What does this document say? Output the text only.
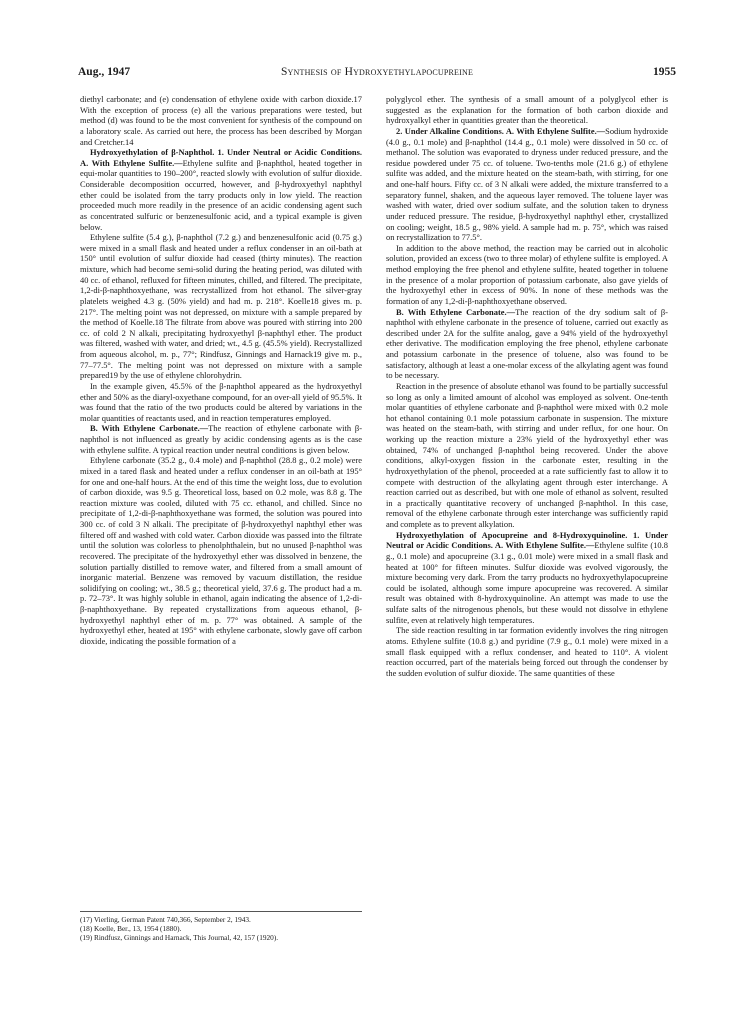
Aug., 1947	Synthesis of Hydroxyethylapocupreine	1955

diethyl carbonate; and (e) condensation of ethylene oxide with carbon dioxide.17 With the exception of process (e) all the various preparations were tested, but method (d) was found to be the most convenient for synthesis of the compound on a laboratory scale. As carried out here, the process has been described by Morgan and Cretcher.14

Hydroxyethylation of β-Naphthol. 1. Under Neutral or Acidic Conditions. A. With Ethylene Sulfite.—Ethylene sulfite and β-naphthol, heated together in equi-molar quantities to 190–200°, reacted slowly with evolution of sulfur dioxide. Considerable decomposition occurred, however, and β-hydroxyethyl naphthyl ether could be isolated from the tarry products only in low yield. The reaction proceeded much more readily in the presence of an acidic condensing agent such as concentrated sulfuric or benzenesulfonic acid, and a typical example is given below.

Ethylene sulfite (5.4 g.), β-naphthol (7.2 g.) and benzenesulfonic acid (0.75 g.) were mixed in a small flask and heated under a reflux condenser in an oil-bath at 150° until evolution of sulfur dioxide had ceased (thirty minutes). The reaction mixture, which had become semi-solid during the heating period, was diluted with 40 cc. of ethanol, refluxed for fifteen minutes, chilled, and filtered. The precipitate, 1,2-di-β-naphthoxyethane, was recrystallized from hot ethanol. The silver-gray platelets weighed 4.3 g. (50% yield) and had m. p. 218°. Koelle18 gives m. p. 217°. The melting point was not depressed, on mixture with a sample prepared by the method of Koelle.18 The filtrate from above was poured with stirring into 200 cc. of cold 2 N alkali, precipitating hydroxyethyl β-naphthyl ether. The product was filtered, washed with water, and dried; wt., 4.5 g. (45.5% yield). Recrystallized from aqueous alcohol, m. p., 77°; Rindfusz, Ginnings and Harnack19 give m. p., 77–77.5°. The melting point was not depressed on mixture with a sample prepared19 by the use of ethylene chlorohydrin.

In the example given, 45.5% of the β-naphthol appeared as the hydroxyethyl ether and 50% as the diaryl-oxyethane compound, for an over-all yield of 95.5%. It was found that the ratio of the two products could be altered by variations in the molar quantities of reactants used, and in reaction temperatures employed.

B. With Ethylene Carbonate.—The reaction of ethylene carbonate with β-naphthol is not influenced as greatly by acidic condensing agents as is the case with ethylene sulfite. A typical reaction under neutral conditions is given below.

Ethylene carbonate (35.2 g., 0.4 mole) and β-naphthol (28.8 g., 0.2 mole) were mixed in a tared flask and heated under a reflux condenser in an oil-bath at 195° for one and one-half hours. At the end of this time the weight loss, due to evolution of carbon dioxide, was 9.5 g. Theoretical loss, based on 0.2 mole, was 8.8 g. The reaction mixture was cooled, diluted with 75 cc. ethanol, and chilled. Since no precipitate of 1,2-di-β-naphthoxyethane was formed, the solution was poured into 300 cc. of cold 3 N alkali. The precipitate of β-hydroxyethyl naphthyl ether was filtered off and washed with cold water. Carbon dioxide was passed into the filtrate until the solution was colorless to phenolphthalein, but no unused β-naphthol was recovered. The precipitate of the hydroxyethyl ether was dissolved in benzene, the solution partially distilled to remove water, and filtered from a small amount of inorganic material. Benzene was removed by vacuum distillation, the residue solidifying on cooling; wt., 38.5 g.; theoretical yield, 37.6 g. The product had a m. p. 72–73°. It was highly soluble in ethanol, again indicating the absence of 1,2-di-β-naphthoxyethane. By repeated crystallizations from aqueous ethanol, β-hydroxyethyl naphthyl ether of m. p. 77° was obtained. A sample of the hydroxyethyl ether, heated at 195° with ethylene carbonate, slowly gave off carbon dioxide, indicating the possible formation of a

polyglycol ether. The synthesis of a small amount of a polyglycol ether is suggested as the explanation for the formation of both carbon dioxide and hydroxyalkyl ether in quantities greater than the theoretical.

2. Under Alkaline Conditions. A. With Ethylene Sulfite.—Sodium hydroxide (4.0 g., 0.1 mole) and β-naphthol (14.4 g., 0.1 mole) were dissolved in 50 cc. of methanol. The solution was evaporated to dryness under reduced pressure, and the residue powdered under 75 cc. of toluene. Two-tenths mole (21.6 g.) of ethylene sulfite was added, and the mixture heated on the steam-bath, with stirring, for one and one-half hours. Fifty cc. of 3 N alkali were added, the mixture transferred to a separatory funnel, shaken, and the aqueous layer removed. The toluene layer was washed with water, dried over sodium sulfate, and the solution taken to dryness under reduced pressure. The residue, β-hydroxyethyl naphthyl ether, crystallized on cooling; weight, 18.5 g., 98% yield. A sample had m. p. 75°, which was raised on recrystallization to 77.5°.

In addition to the above method, the reaction may be carried out in alcoholic solution, provided an excess (two to three molar) of ethylene sulfite is employed. A method employing the free phenol and ethylene sulfite, heated together in toluene in the presence of a molar proportion of potassium carbonate, also gave yields of the hydroxyethyl ether in excess of 90%. In none of these methods was the formation of any 1,2-di-β-naphthoxyethane observed.

B. With Ethylene Carbonate.—The reaction of the dry sodium salt of β-naphthol with ethylene carbonate in the presence of toluene, carried out exactly as described under 2A for the sulfite analog, gave a 94% yield of the hydroxyethyl ether derivative. The modification employing the free phenol, ethylene carbonate and potassium carbonate in the presence of toluene, also was found to be satisfactory, although at least a one-molar excess of the alkylating agent was found to be necessary.

Reaction in the presence of absolute ethanol was found to be partially successful so long as only a limited amount of alcohol was employed as solvent. One-tenth molar quantities of ethylene carbonate and β-naphthol were mixed with 0.2 mole hot ethanol containing 0.1 mole potassium carbonate in suspension. The mixture was heated on the steam-bath, with stirring and under reflux, for one hour. On working up the reaction mixture a 23% yield of the hydroxyethyl ether was obtained, 74% of unchanged β-naphthol being recovered. Under the above conditions, alkyl-oxygen fission in the carbonate ester, resulting in the hydroxyethylation of the phenol, proceeded at a rate sufficiently fast to allow it to compete with destruction of the alkylating agent through ester interchange. A reaction carried out as described, but with one mole of ethanol as solvent, resulted in a practically quantitative recovery of unchanged β-naphthol. In this case, removal of the ethylene carbonate through ester interchange was sufficiently rapid and complete as to prevent alkylation.

Hydroxyethylation of Apocupreine and 8-Hydroxyquinoline. 1. Under Neutral or Acidic Conditions. A. With Ethylene Sulfite.—Ethylene sulfite (10.8 g., 0.1 mole) and apocupreine (3.1 g., 0.01 mole) were mixed in a small flask and heated at 100° for fifteen minutes. Sulfur dioxide was evolved vigorously, the mixture becoming very dark. From the tarry products no hydroxyethylapocupreine could be isolated, although some impure apocupreine was recovered. A similar result was obtained with 8-hydroxyquinoline. An attempt was made to use the sulfate salts of the nitrogenous phenols, but these would not dissolve in ethylene sulfite, even at relatively high temperatures.

The side reaction resulting in tar formation evidently involves the ring nitrogen atoms. Ethylene sulfite (10.8 g.) and pyridine (7.9 g., 0.1 mole) were mixed in a small flask equipped with a reflux condenser, and heated to 110°. A violent reaction occurred, part of the materials being forced out through the condenser by the sudden evolution of sulfur dioxide. The same quantities of these

(17) Vierling, German Patent 740,366, September 2, 1943.

(18) Koelle, Ber., 13, 1954 (1880).

(19) Rindfusz, Ginnings and Harnack, This Journal, 42, 157 (1920).
